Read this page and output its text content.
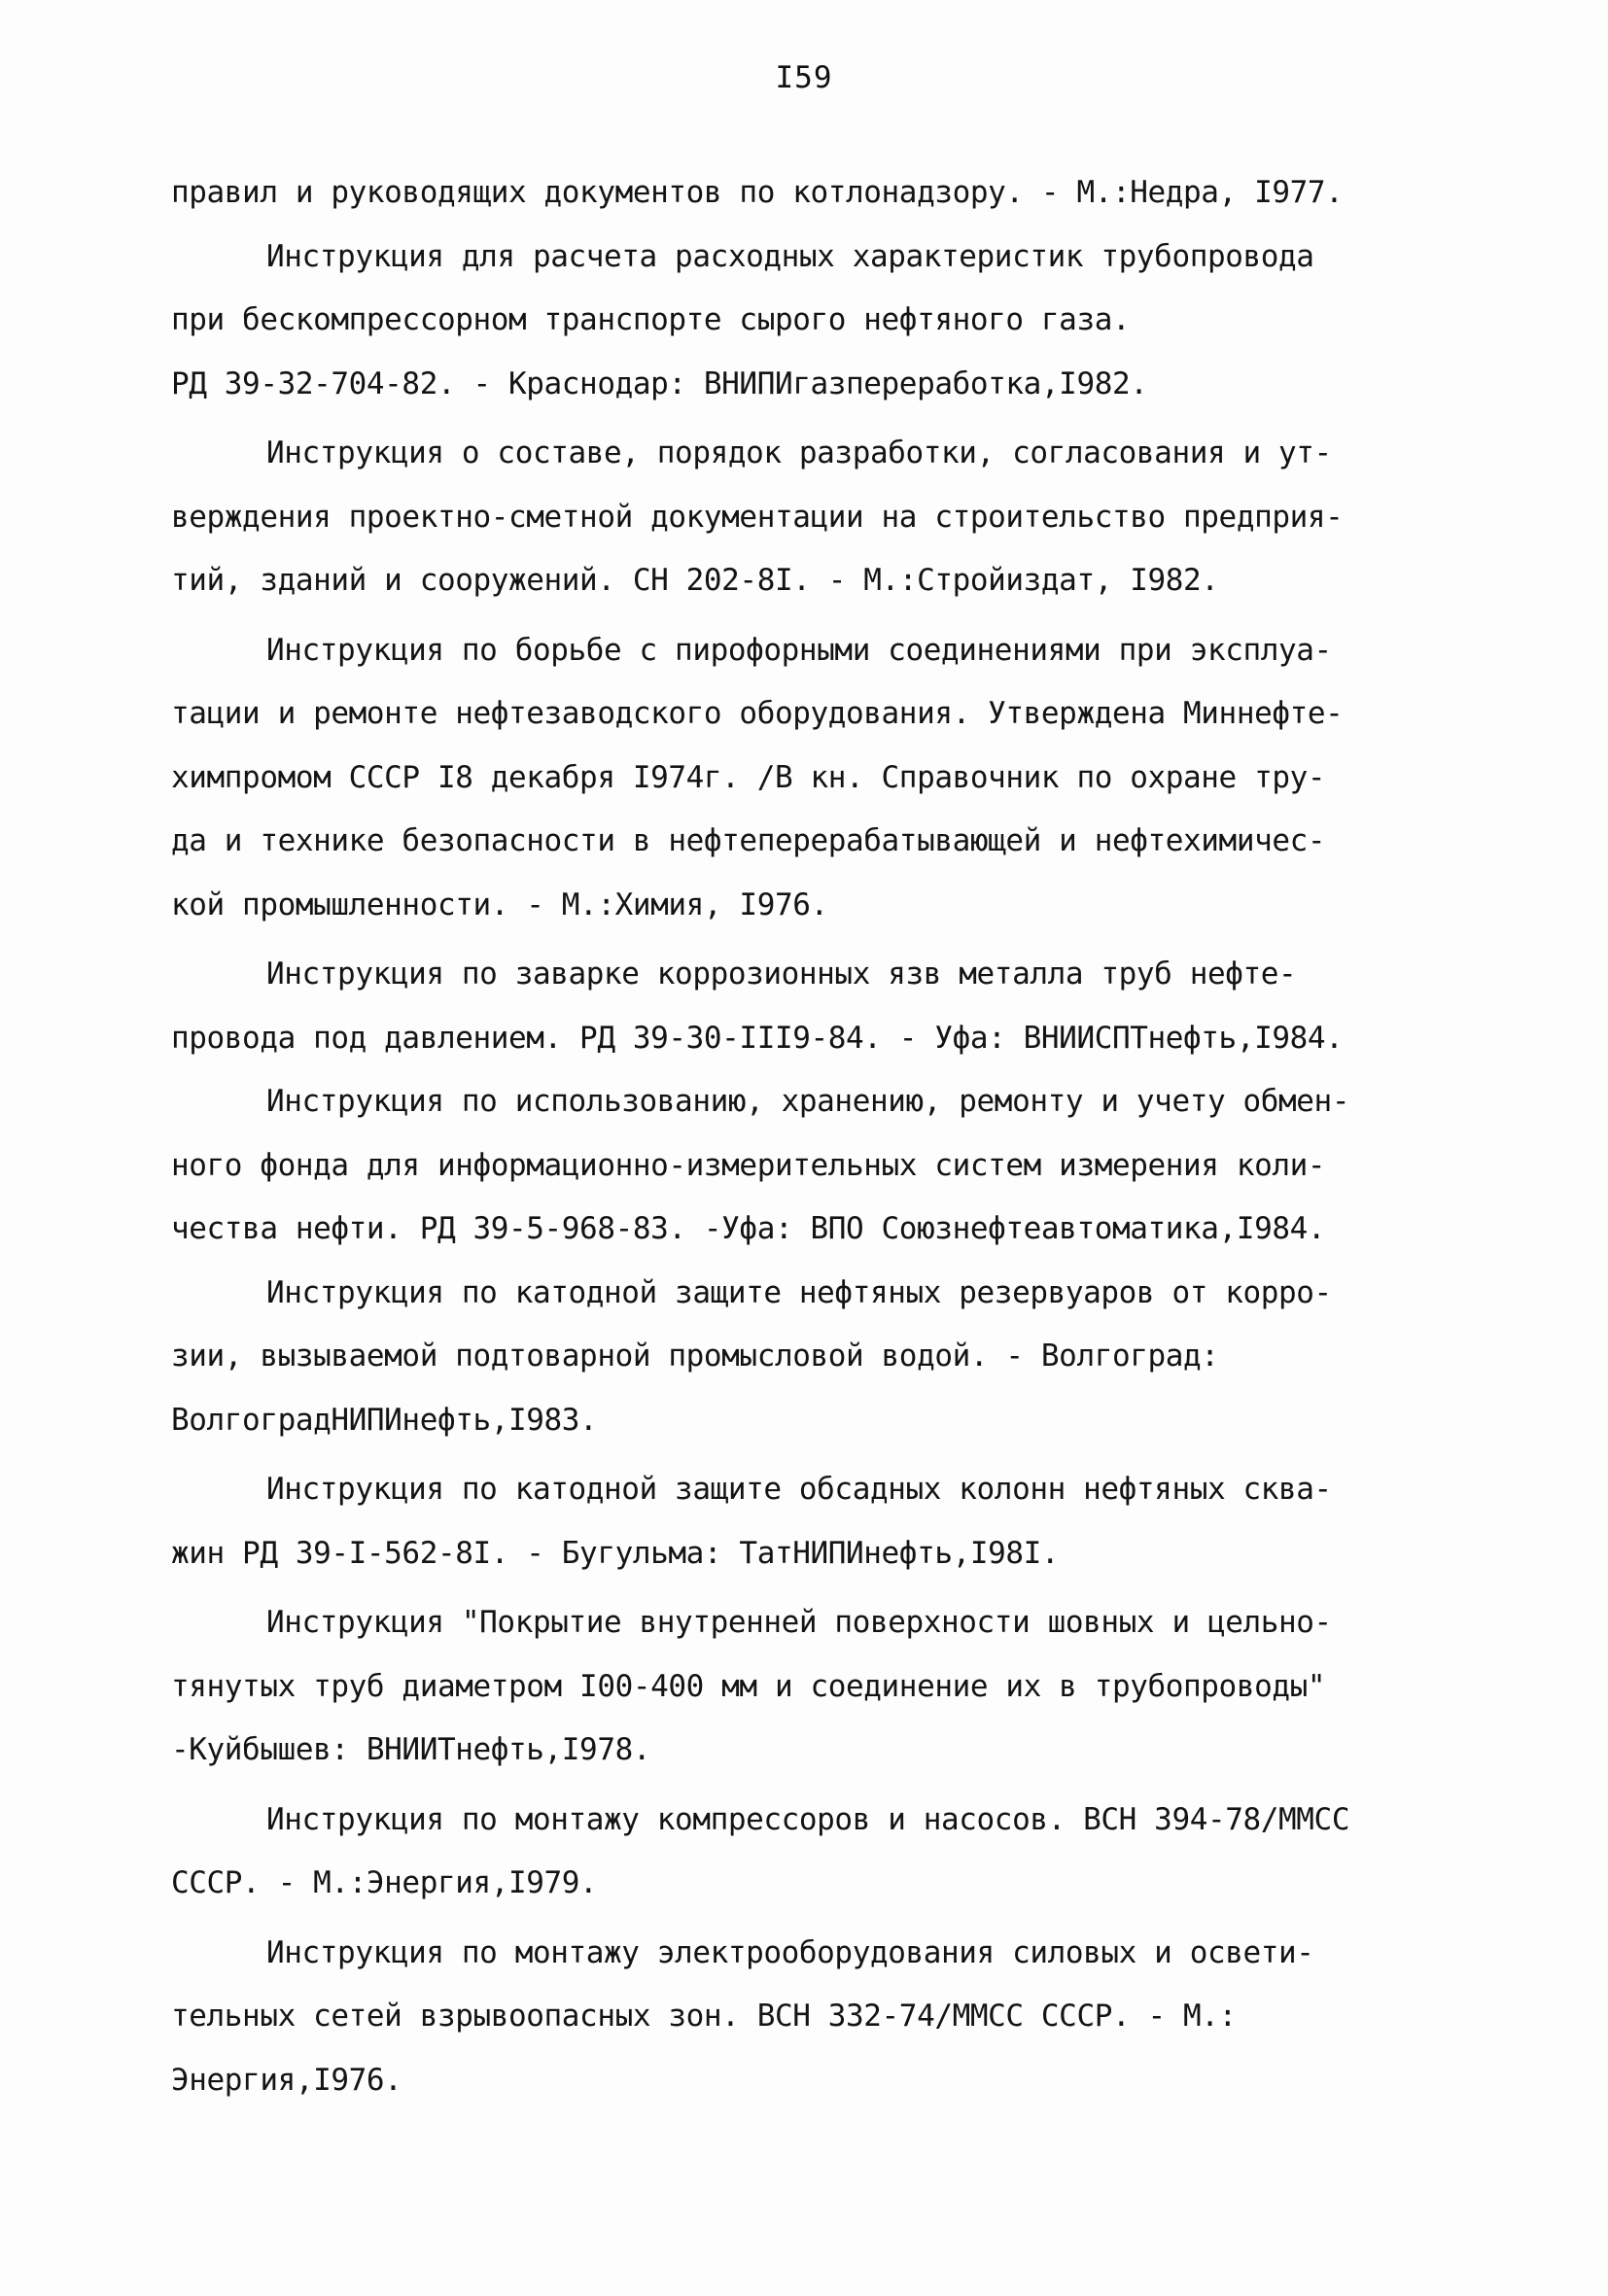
I59
правил и руководящих документов по котлонадзору. - М.:Недра, I977.
Инструкция для расчета расходных характеристик трубопровода
при бескомпрессорном транспорте сырого нефтяного газа.
РД 39-32-704-82. - Краснодар: ВНИПИгазпереработка,I982.
Инструкция о составе, порядок разработки, согласования и ут-
верждения проектно-сметной документации на строительство предприя-
тий, зданий и сооружений. СН 202-8I. - М.:Стройиздат, I982.
Инструкция по борьбе с пирофорными соединениями при эксплуа-
тации и ремонте нефтезаводского оборудования. Утверждена Миннефте-
химпромом СССР I8 декабря I974г. /В кн. Справочник по охране тру-
да и технике безопасности в нефтеперерабатывающей и нефтехимичес-
кой промышленности. - М.:Химия, I976.
Инструкция по заварке коррозионных язв металла труб нефте-
провода под давлением. РД 39-30-III9-84. - Уфа: ВНИИСПТнефть,I984.
Инструкция по использованию, хранению, ремонту и учету обмен-
ного фонда для информационно-измерительных систем измерения коли-
чества нефти. РД 39-5-968-83. -Уфа: ВПО Союзнефтеавтоматика,I984.
Инструкция по катодной защите нефтяных резервуаров от корро-
зии, вызываемой подтоварной промысловой водой. - Волгоград:
ВолгоградНИПИнефть,I983.
Инструкция по катодной защите обсадных колонн нефтяных сква-
жин РД 39-I-562-8I. - Бугульма: ТатНИПИнефть,I98I.
Инструкция "Покрытие внутренней поверхности шовных и цельно-
тянутых труб диаметром I00-400 мм и соединение их в трубопроводы"
-Куйбышев: ВНИИТнефть,I978.
Инструкция по монтажу компрессоров и насосов. ВСН 394-78/ММСС
СССР. - М.:Энергия,I979.
Инструкция по монтажу электрооборудования силовых и освети-
тельных сетей взрывоопасных зон. ВСН 332-74/ММСС СССР. - М.:
Энергия,I976.
